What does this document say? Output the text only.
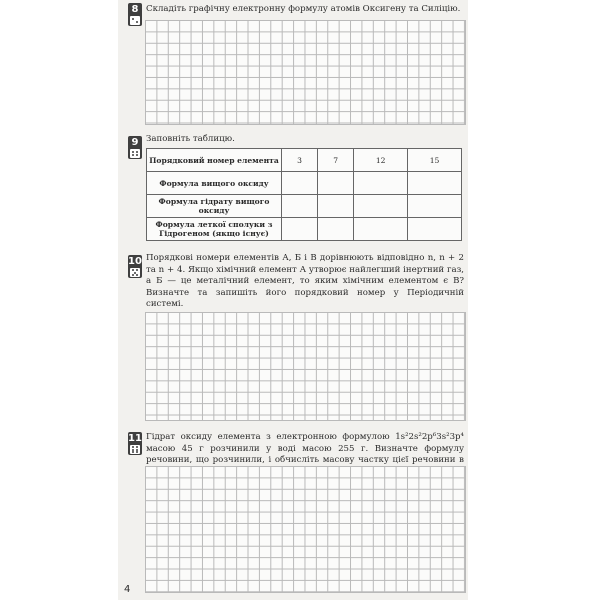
8 Складіть графічну електронну формулу атомів Оксигену та Силіцію.
9 Заповніть таблицю.
Порядковий номер елемента	3	7	12	15
Формула вищого оксиду				
Формула гідрату вищого оксиду				
Формула леткої сполуки з Гідрогеном (якщо існує)				
10 Порядкові номери елементів А, Б і В дорівнюють відповідно n, n + 2 та n + 4. Якщо хімічний елемент А утворює найлегший інертний газ, а Б — це металічний елемент, то яким хімічним елементом є В? Визначте та запишіть його порядковий номер у Періодичній системі.
11 Гідрат оксиду елемента з електронною формулою 1s²2s²2p⁶3s²3p⁴ масою 45 г розчинили у воді масою 255 г. Визначте формулу речовини, що розчинили, і обчисліть масову частку цієї речовини в
4
